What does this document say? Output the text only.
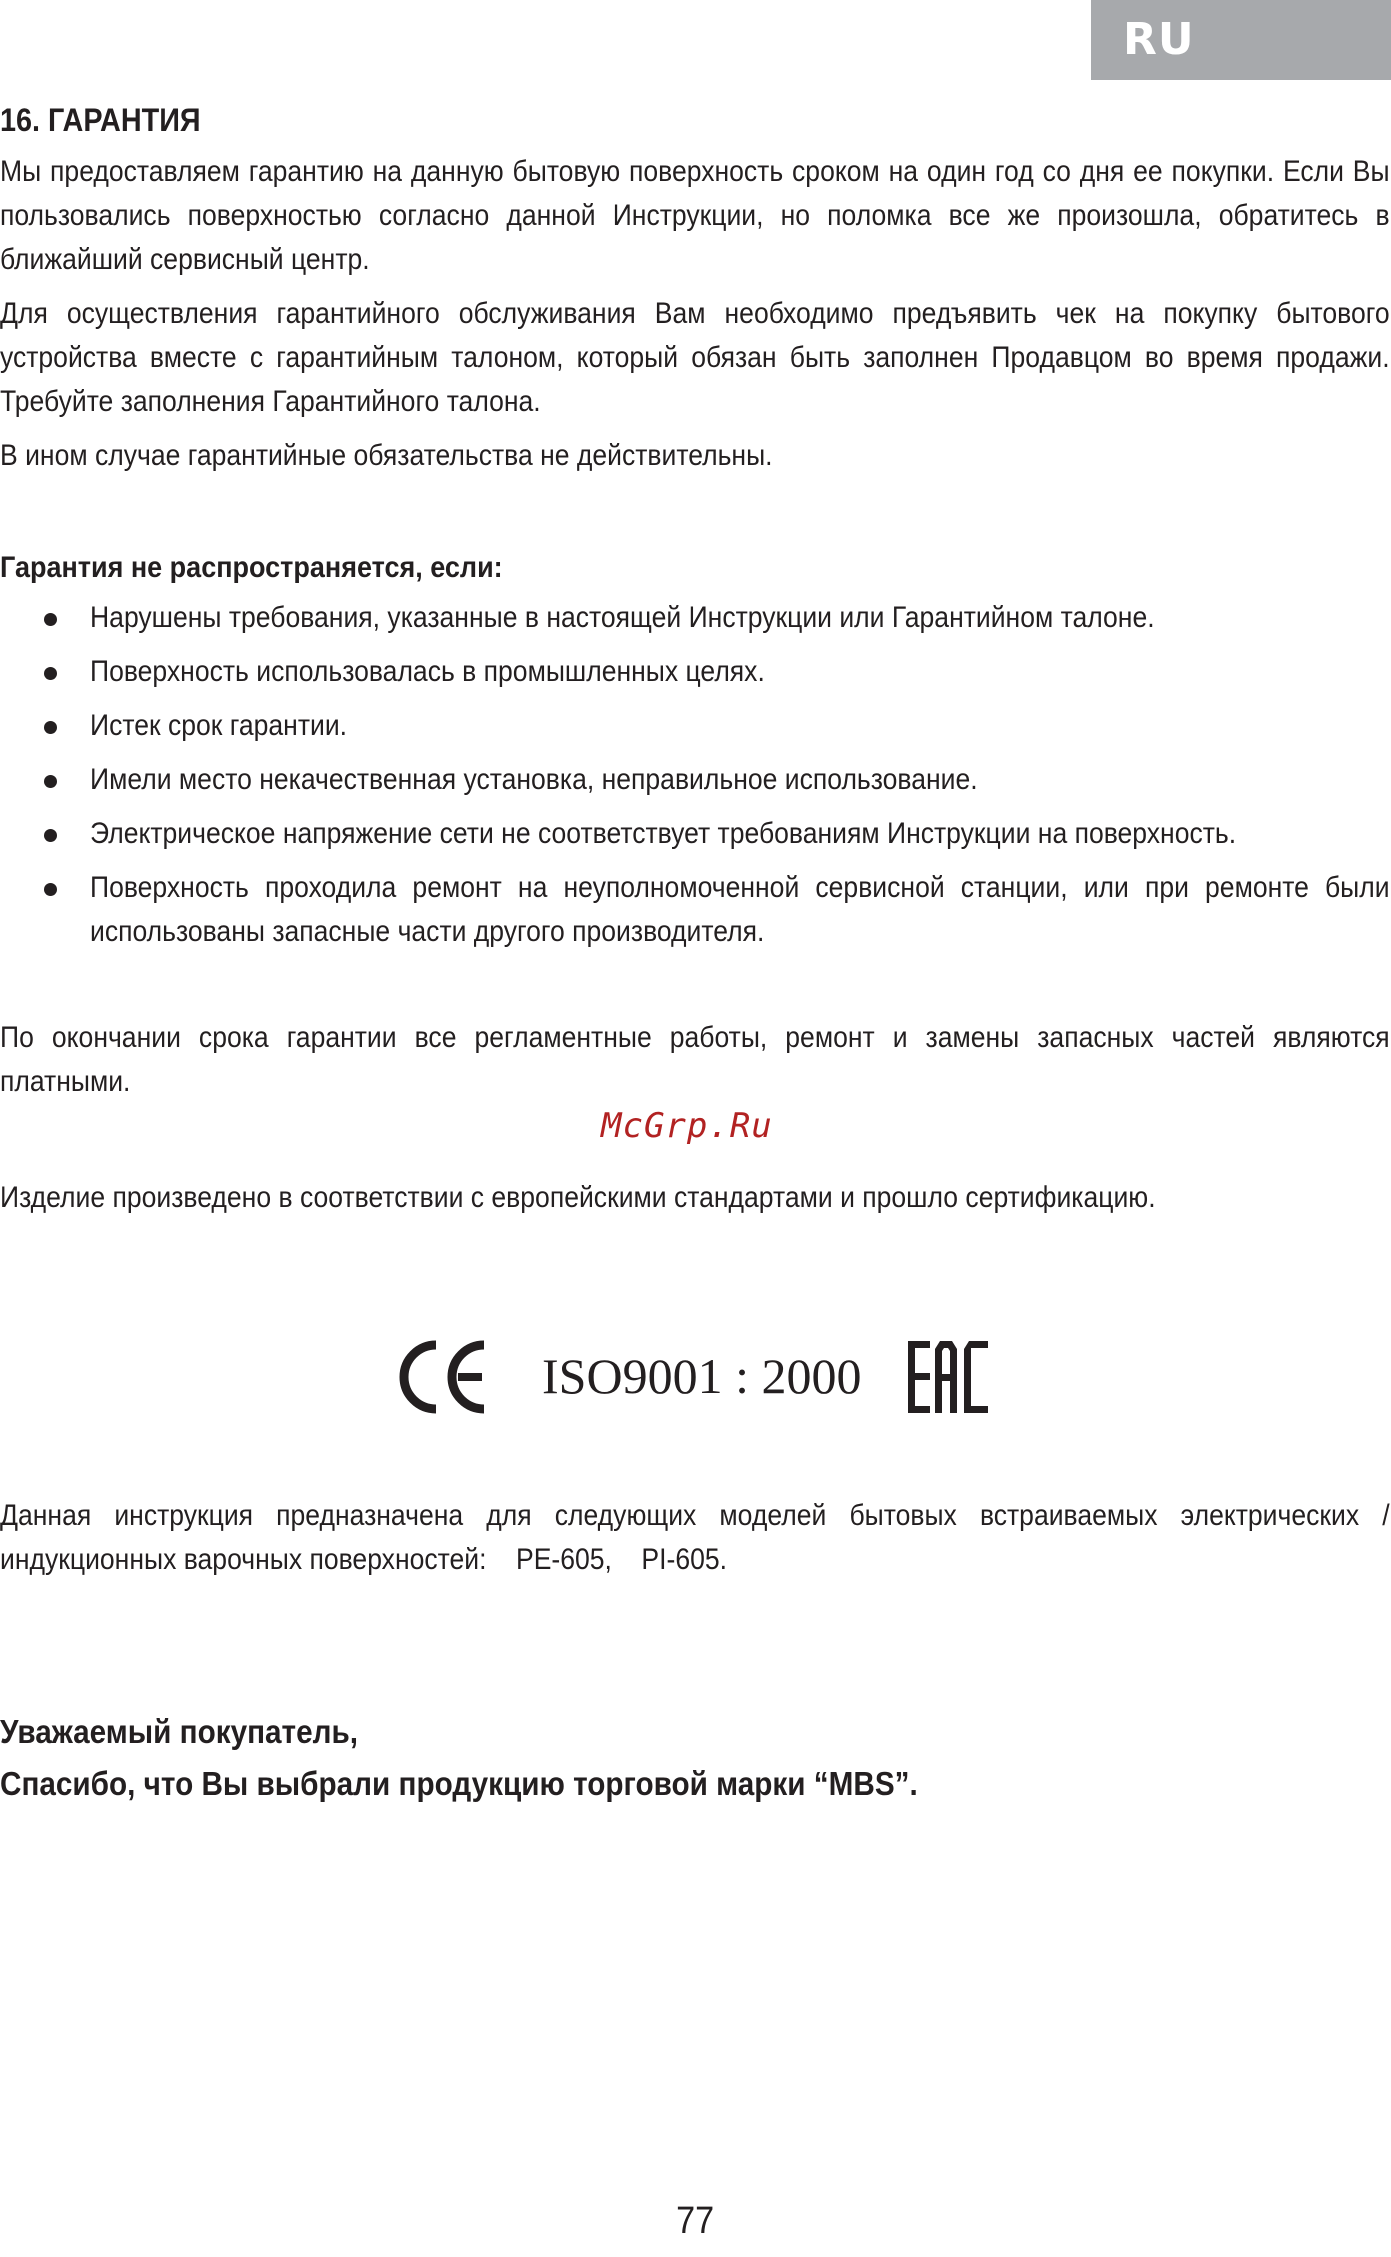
RU
16. ГАРАНТИЯ

Мы предоставляем гарантию на данную бытовую поверхность сроком на один год со дня ее покупки. Если Вы пользовались поверхностью согласно данной Инструкции, но поломка все же произошла, обратитесь в ближайший сервисный центр.

Для осуществления гарантийного обслуживания Вам необходимо предъявить чек на покупку бытового устройства вместе с гарантийным талоном, который обязан быть заполнен Продавцом во время продажи. Требуйте заполнения Гарантийного талона.

В ином случае гарантийные обязательства не действительны.

Гарантия не распространяется, если:
Нарушены требования, указанные в настоящей Инструкции или Гарантийном талоне.
Поверхность использовалась в промышленных целях.
Истек срок гарантии.
Имели место некачественная установка, неправильное использование.
Электрическое напряжение сети не соответствует требованиям Инструкции на поверхность.
Поверхность проходила ремонт на неуполномоченной сервисной станции, или при ремонте были использованы запасные части другого производителя.

По окончании срока гарантии все регламентные работы, ремонт и замены запасных частей являются платными.

Изделие произведено в соответствии с европейскими стандартами и прошло сертификацию.

McGrp.Ru
CE
ISO9001 : 2000
EAC

Данная инструкция предназначена для следующих моделей бытовых встраиваемых электрических / индукционных варочных поверхностей:    PE-605,    PI-605.

Уважаемый покупатель,
Спасибо, что Вы выбрали продукцию торговой марки “MBS”.
77
